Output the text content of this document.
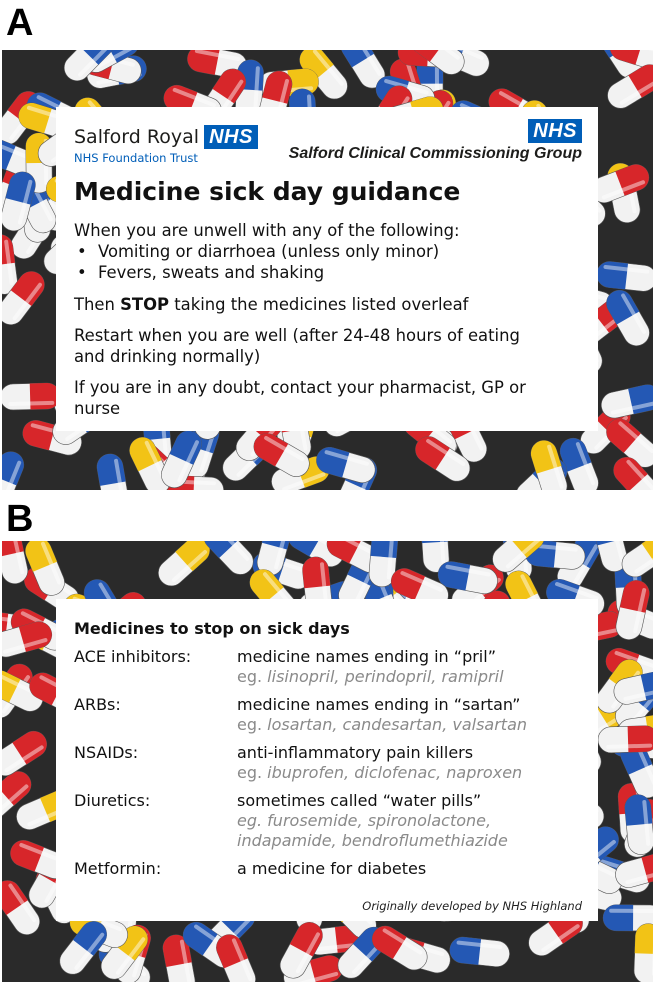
A
Salford Royal NHS
NHS Foundation Trust
NHS
Salford Clinical Commissioning Group
Medicine sick day guidance

When you are unwell with any of the following:

• Vomiting or diarrhoea (unless only minor)
• Fevers, sweats and shaking
Then STOP taking the medicines listed overleaf
Restart when you are well (after 24-48 hours of eating and drinking normally)
If you are in any doubt, contact your pharmacist, GP or nurse
B
Medicines to stop on sick days
ACE inhibitors:	medicine names ending in “pril”
eg. lisinopril, perindopril, ramipril
ARBs:	medicine names ending in “sartan”
eg. losartan, candesartan, valsartan
NSAIDs:	anti-inflammatory pain killers
eg. ibuprofen, diclofenac, naproxen
Diuretics:	sometimes called “water pills”
eg. furosemide, spironolactone, indapamide, bendroflumethiazide
Metformin:	a medicine for diabetes
Originally developed by NHS Highland
